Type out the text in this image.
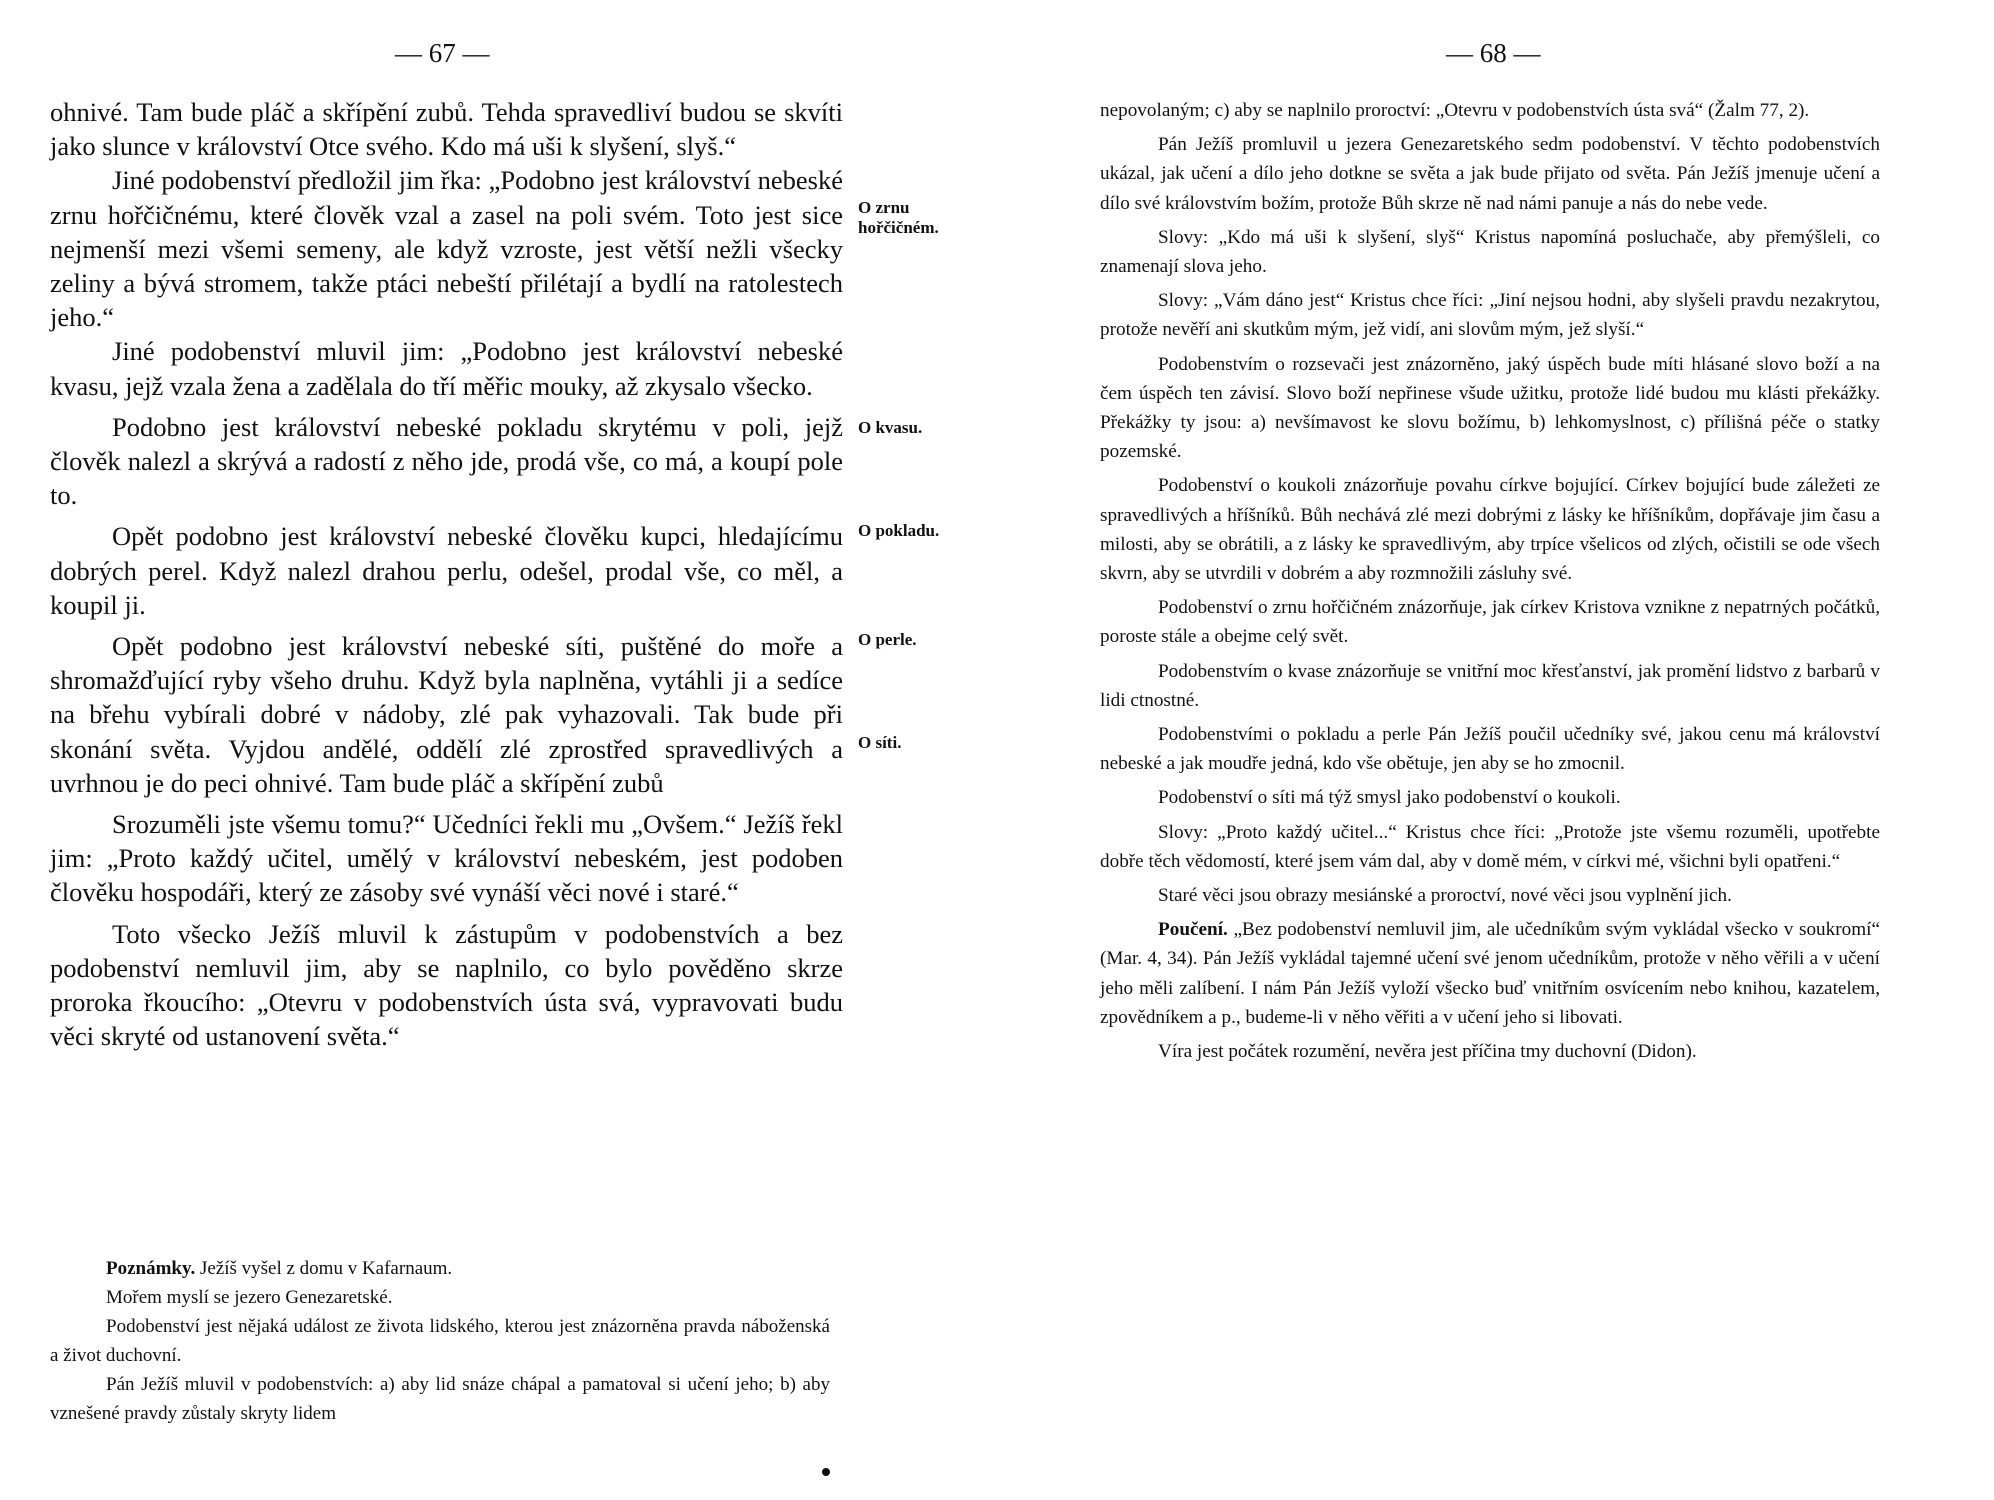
— 67 —

ohnivé. Tam bude pláč a skřípění zubů. Tehda spravedliví budou se skvíti jako slunce v království Otce svého. Kdo má uši k slyšení, slyš.“

Jiné podobenství předložil jim řka: „Podobno jest království nebeské zrnu hořčičnému, které člověk vzal a zasel na poli svém. Toto jest sice nejmenší mezi všemi semeny, ale když vzroste, jest větší nežli všecky zeliny a bývá stromem, takže ptáci nebeští přilétají a bydlí na ratolestech jeho.“

Jiné podobenství mluvil jim: „Podobno jest království nebeské kvasu, jejž vzala žena a zadělala do tří měřic mouky, až zkysalo všecko.

Podobno jest království nebeské pokladu skrytému v poli, jejž člověk nalezl a skrývá a radostí z něho jde, prodá vše, co má, a koupí pole to.

Opět podobno jest království nebeské člověku kupci, hledajícímu dobrých perel. Když nalezl drahou perlu, odešel, prodal vše, co měl, a koupil ji.

Opět podobno jest království nebeské síti, puštěné do moře a shromažďující ryby všeho druhu. Když byla naplněna, vytáhli ji a sedíce na břehu vybírali dobré v nádoby, zlé pak vyhazovali. Tak bude při skonání světa. Vyjdou andělé, oddělí zlé zprostřed spravedlivých a uvrhnou je do peci ohnivé. Tam bude pláč a skřípění zubů

Srozuměli jste všemu tomu?“ Učedníci řekli mu „Ovšem.“ Ježíš řekl jim: „Proto každý učitel, umělý v království nebeském, jest podoben člověku hospodáři, který ze zásoby své vynáší věci nové i staré.“

Toto všecko Ježíš mluvil k zástupům v podobenstvích a bez podobenství nemluvil jim, aby se naplnilo, co bylo pověděno skrze proroka řkoucího: „Otevru v podobenstvích ústa svá, vypravovati budu věci skryté od ustanovení světa.“

O zrnu hořčičném.
O kvasu.
O pokladu.
O perle.
O síti.

Poznámky. Ježíš vyšel z domu v Kafarnaum.

Mořem myslí se jezero Genezaretské.

Podobenství jest nějaká událost ze života lidského, kterou jest znázorněna pravda náboženská a život duchovní.

Pán Ježíš mluvil v podobenstvích: a) aby lid snáze chápal a pamatoval si učení jeho; b) aby vznešené pravdy zůstaly skryty lidem

— 68 —

nepovolaným; c) aby se naplnilo proroctví: „Otevru v podobenstvích ústa svá“ (Žalm 77, 2).

Pán Ježíš promluvil u jezera Genezaretského sedm podobenství. V těchto podobenstvích ukázal, jak učení a dílo jeho dotkne se světa a jak bude přijato od světa. Pán Ježíš jmenuje učení a dílo své královstvím božím, protože Bůh skrze ně nad námi panuje a nás do nebe vede.

Slovy: „Kdo má uši k slyšení, slyš“ Kristus napomíná posluchače, aby přemýšleli, co znamenají slova jeho.

Slovy: „Vám dáno jest“ Kristus chce říci: „Jiní nejsou hodni, aby slyšeli pravdu nezakrytou, protože nevěří ani skutkům mým, jež vidí, ani slovům mým, jež slyší.“

Podobenstvím o rozsevači jest znázorněno, jaký úspěch bude míti hlásané slovo boží a na čem úspěch ten závisí. Slovo boží nepřinese všude užitku, protože lidé budou mu klásti překážky. Překážky ty jsou: a) nevšímavost ke slovu božímu, b) lehkomyslnost, c) přílišná péče o statky pozemské.

Podobenství o koukoli znázorňuje povahu církve bojující. Církev bojující bude záležeti ze spravedlivých a hříšníků. Bůh nechává zlé mezi dobrými z lásky ke hříšníkům, dopřávaje jim času a milosti, aby se obrátili, a z lásky ke spravedlivým, aby trpíce všelicos od zlých, očistili se ode všech skvrn, aby se utvrdili v dobrém a aby rozmnožili zásluhy své.

Podobenství o zrnu hořčičném znázorňuje, jak církev Kristova vznikne z nepatrných počátků, poroste stále a obejme celý svět.

Podobenstvím o kvase znázorňuje se vnitřní moc křesťanství, jak promění lidstvo z barbarů v lidi ctnostné.

Podobenstvími o pokladu a perle Pán Ježíš poučil učedníky své, jakou cenu má království nebeské a jak moudře jedná, kdo vše obětuje, jen aby se ho zmocnil.

Podobenství o síti má týž smysl jako podobenství o koukoli.

Slovy: „Proto každý učitel...“ Kristus chce říci: „Protože jste všemu rozuměli, upotřebte dobře těch vědomostí, které jsem vám dal, aby v domě mém, v církvi mé, všichni byli opatřeni.“

Staré věci jsou obrazy mesiánské a proroctví, nové věci jsou vyplnění jich.

Poučení. „Bez podobenství nemluvil jim, ale učedníkům svým vykládal všecko v soukromí“ (Mar. 4, 34). Pán Ježíš vykládal tajemné učení své jenom učedníkům, protože v něho věřili a v učení jeho měli zalíbení. I nám Pán Ježíš vyloží všecko buď vnitřním osvícením nebo knihou, kazatelem, zpovědníkem a p., budeme-li v něho věřiti a v učení jeho si libovati.

Víra jest počátek rozumění, nevěra jest příčina tmy duchovní (Didon).
